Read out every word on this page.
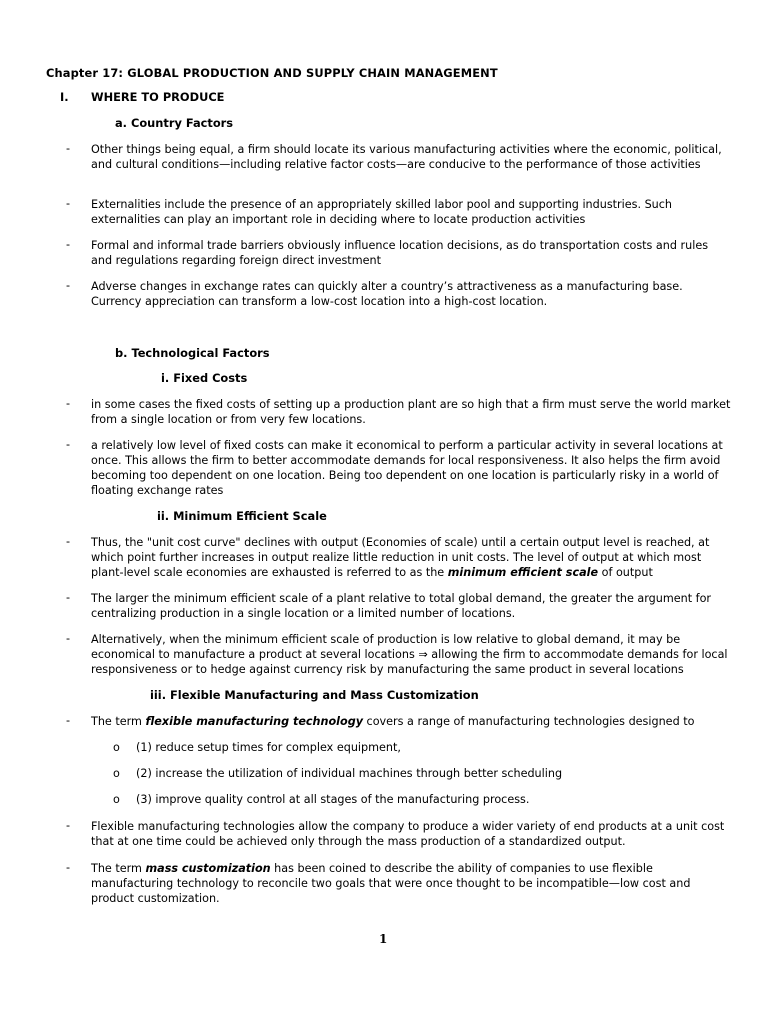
Chapter 17: GLOBAL PRODUCTION AND SUPPLY CHAIN MANAGEMENT
I. WHERE TO PRODUCE
a. Country Factors
- Other things being equal, a firm should locate its various manufacturing activities where the economic, political, and cultural conditions—including relative factor costs—are conducive to the performance of those activities
- Externalities include the presence of an appropriately skilled labor pool and supporting industries. Such externalities can play an important role in deciding where to locate production activities
- Formal and informal trade barriers obviously influence location decisions, as do transportation costs and rules and regulations regarding foreign direct investment
- Adverse changes in exchange rates can quickly alter a country’s attractiveness as a manufacturing base. Currency appreciation can transform a low-cost location into a high-cost location.
b. Technological Factors
i. Fixed Costs
- in some cases the fixed costs of setting up a production plant are so high that a firm must serve the world market from a single location or from very few locations.
- a relatively low level of fixed costs can make it economical to perform a particular activity in several locations at once. This allows the firm to better accommodate demands for local responsiveness. It also helps the firm avoid becoming too dependent on one location. Being too dependent on one location is particularly risky in a world of floating exchange rates
ii. Minimum Efficient Scale
- Thus, the "unit cost curve" declines with output (Economies of scale) until a certain output level is reached, at which point further increases in output realize little reduction in unit costs. The level of output at which most plant-level scale economies are exhausted is referred to as the minimum efficient scale of output
- The larger the minimum efficient scale of a plant relative to total global demand, the greater the argument for centralizing production in a single location or a limited number of locations.
- Alternatively, when the minimum efficient scale of production is low relative to global demand, it may be economical to manufacture a product at several locations ⇒ allowing the firm to accommodate demands for local responsiveness or to hedge against currency risk by manufacturing the same product in several locations
iii. Flexible Manufacturing and Mass Customization
- The term flexible manufacturing technology covers a range of manufacturing technologies designed to
o (1) reduce setup times for complex equipment,
o (2) increase the utilization of individual machines through better scheduling
o (3) improve quality control at all stages of the manufacturing process.
- Flexible manufacturing technologies allow the company to produce a wider variety of end products at a unit cost that at one time could be achieved only through the mass production of a standardized output.
- The term mass customization has been coined to describe the ability of companies to use flexible manufacturing technology to reconcile two goals that were once thought to be incompatible—low cost and product customization.
1
